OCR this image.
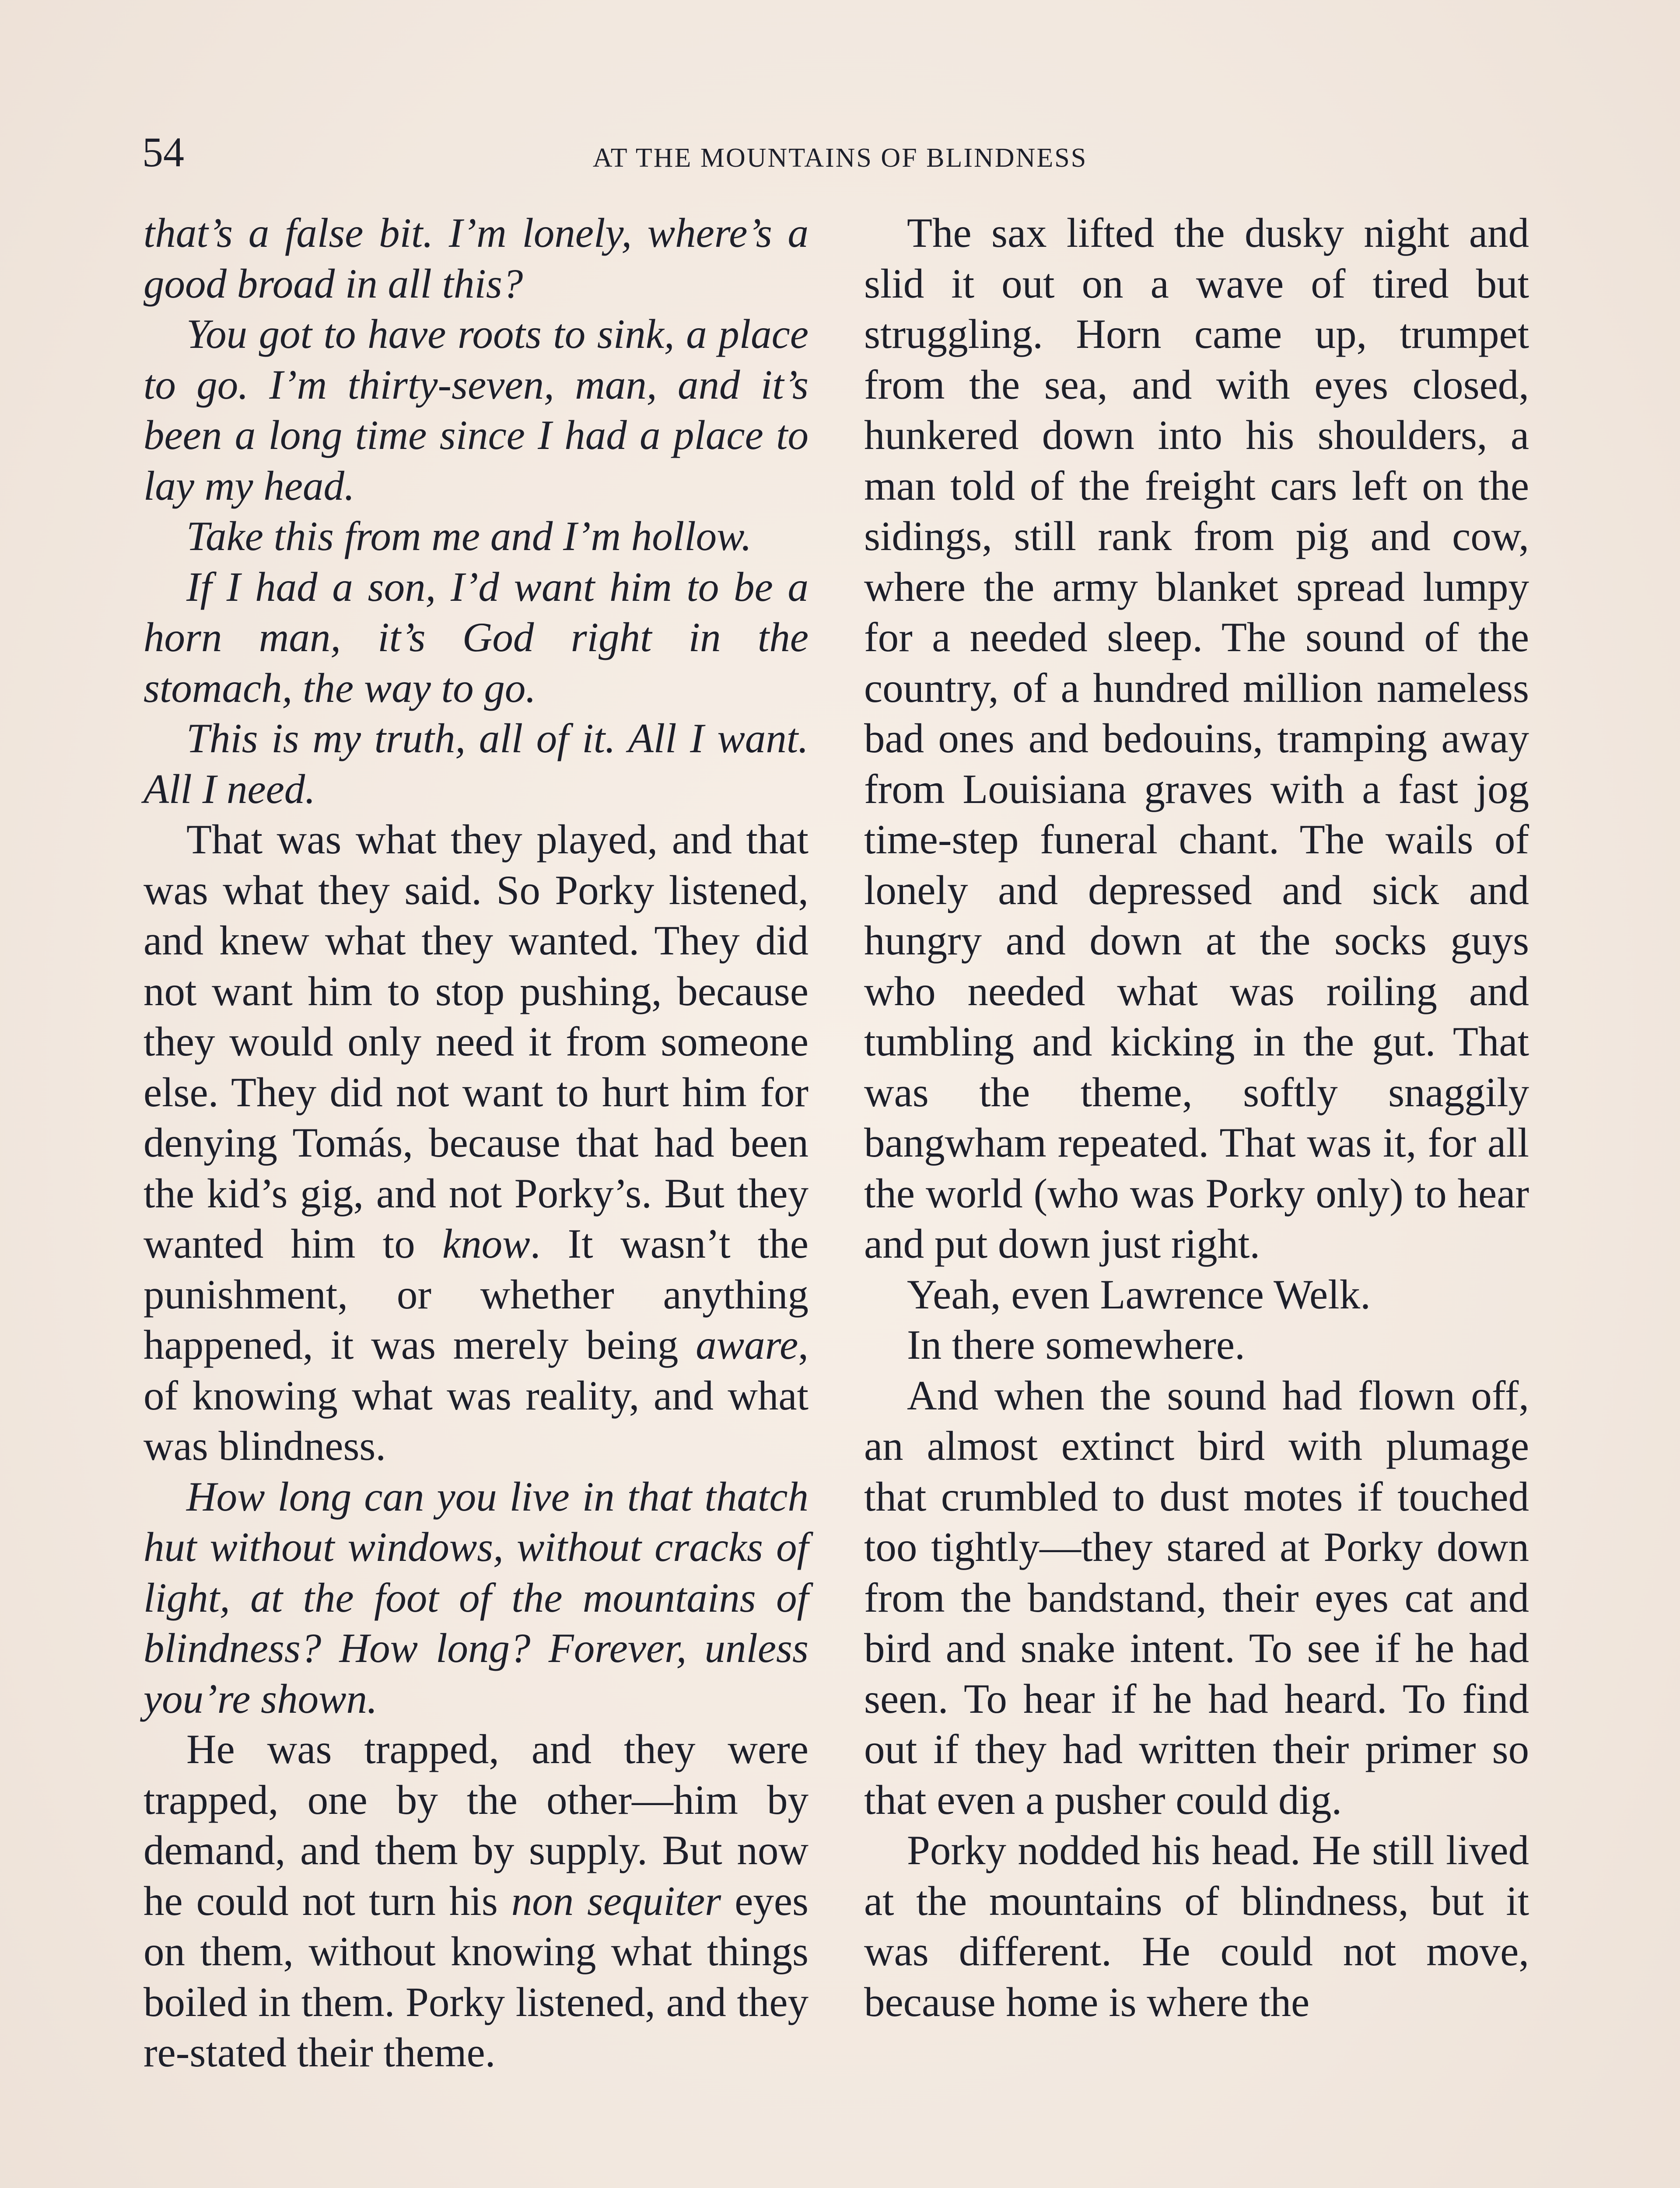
54	AT THE MOUNTAINS OF BLINDNESS

that’s a false bit. I’m lonely, where’s a good broad in all this?

You got to have roots to sink, a place to go. I’m thirty-seven, man, and it’s been a long time since I had a place to lay my head.

Take this from me and I’m hollow.

If I had a son, I’d want him to be a horn man, it’s God right in the stomach, the way to go.

This is my truth, all of it. All I want. All I need.

That was what they played, and that was what they said. So Porky listened, and knew what they wanted. They did not want him to stop pushing, because they would only need it from someone else. They did not want to hurt him for denying Tomás, because that had been the kid’s gig, and not Porky’s. But they wanted him to know. It wasn’t the punishment, or whether anything happened, it was merely being aware, of knowing what was reality, and what was blindness.

How long can you live in that thatch hut without windows, without cracks of light, at the foot of the mountains of blindness? How long? Forever, unless you’re shown.

He was trapped, and they were trapped, one by the other—him by demand, and them by supply. But now he could not turn his non sequiter eyes on them, without knowing what things boiled in them. Porky listened, and they re-stated their theme.

The sax lifted the dusky night and slid it out on a wave of tired but struggling. Horn came up, trumpet from the sea, and with eyes closed, hunkered down into his shoulders, a man told of the freight cars left on the sidings, still rank from pig and cow, where the army blanket spread lumpy for a needed sleep. The sound of the country, of a hundred million nameless bad ones and bedouins, tramping away from Louisiana graves with a fast jog time-step funeral chant. The wails of lonely and depressed and sick and hungry and down at the socks guys who needed what was roiling and tumbling and kicking in the gut. That was the theme, softly snaggily bangwham repeated. That was it, for all the world (who was Porky only) to hear and put down just right.

Yeah, even Lawrence Welk.

In there somewhere.

And when the sound had flown off, an almost extinct bird with plumage that crumbled to dust motes if touched too tightly—they stared at Porky down from the bandstand, their eyes cat and bird and snake intent. To see if he had seen. To hear if he had heard. To find out if they had written their primer so that even a pusher could dig.

Porky nodded his head. He still lived at the mountains of blindness, but it was different. He could not move, because home is where the
